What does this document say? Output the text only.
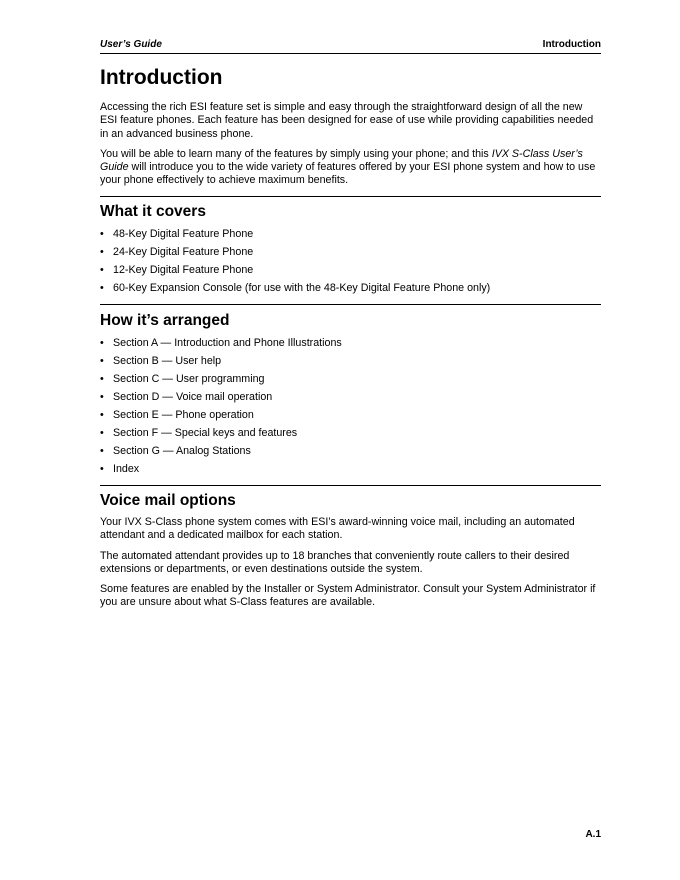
User’s Guide	Introduction
Introduction

Accessing the rich ESI feature set is simple and easy through the straightforward design of all the new ESI feature phones. Each feature has been designed for ease of use while providing capabilities needed in an advanced business phone.

You will be able to learn many of the features by simply using your phone; and this IVX S-Class User’s Guide will introduce you to the wide variety of features offered by your ESI phone system and how to use your phone effectively to achieve maximum benefits.

What it covers
• 48-Key Digital Feature Phone
• 24-Key Digital Feature Phone
• 12-Key Digital Feature Phone
• 60-Key Expansion Console (for use with the 48-Key Digital Feature Phone only)
How it’s arranged
• Section A — Introduction and Phone Illustrations
• Section B — User help
• Section C — User programming
• Section D — Voice mail operation
• Section E — Phone operation
• Section F — Special keys and features
• Section G — Analog Stations
• Index
Voice mail options

Your IVX S-Class phone system comes with ESI’s award-winning voice mail, including an automated attendant and a dedicated mailbox for each station.

The automated attendant provides up to 18 branches that conveniently route callers to their desired extensions or departments, or even destinations outside the system.

Some features are enabled by the Installer or System Administrator. Consult your System Administrator if you are unsure about what S-Class features are available.

A.1
